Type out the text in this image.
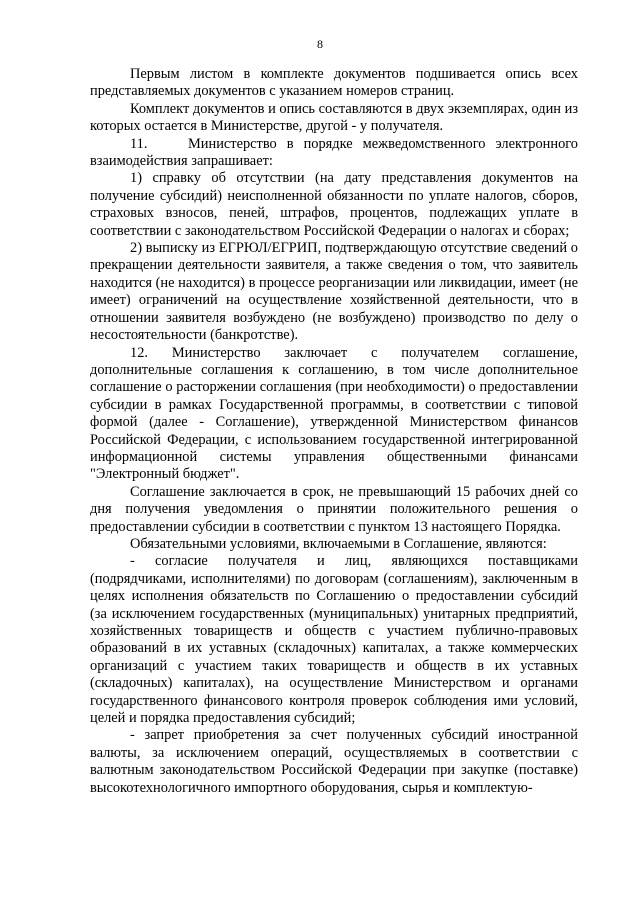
8

Первым листом в комплекте документов подшивается опись всех представляемых документов с указанием номеров страниц.

Комплект документов и опись составляются в двух экземплярах, один из которых остается в Министерстве, другой - у получателя.

11.	Министерство в порядке межведомственного электронного взаимодействия запрашивает:

1) справку об отсутствии (на дату представления документов на получение субсидий) неисполненной обязанности по уплате налогов, сборов, страховых взносов, пеней, штрафов, процентов, подлежащих уплате в соответствии с законодательством Российской Федерации о налогах и сборах;

2) выписку из ЕГРЮЛ/ЕГРИП, подтверждающую отсутствие сведений о прекращении деятельности заявителя, а также сведения о том, что заявитель находится (не находится) в процессе реорганизации или ликвидации, имеет (не имеет) ограничений на осуществление хозяйственной деятельности, что в отношении заявителя возбуждено (не возбуждено) производство по делу о несостоятельности (банкротстве).

12. Министерство заключает с получателем соглашение, дополнительные соглашения к соглашению, в том числе дополнительное соглашение о расторжении соглашения (при необходимости) о предоставлении субсидии в рамках Государственной программы, в соответствии с типовой формой (далее - Соглашение), утвержденной Министерством финансов Российской Федерации, с использованием государственной интегрированной информационной системы управления общественными финансами "Электронный бюджет".

Соглашение заключается в срок, не превышающий 15 рабочих дней со дня получения уведомления о принятии положительного решения о предоставлении субсидии в соответствии с пунктом 13 настоящего Порядка.

Обязательными условиями, включаемыми в Соглашение, являются:

- согласие получателя и лиц, являющихся поставщиками (подрядчиками, исполнителями) по договорам (соглашениям), заключенным в целях исполнения обязательств по Соглашению о предоставлении субсидий (за исключением государственных (муниципальных) унитарных предприятий, хозяйственных товариществ и обществ с участием публично-правовых образований в их уставных (складочных) капиталах, а также коммерческих организаций с участием таких товариществ и обществ в их уставных (складочных) капиталах), на осуществление Министерством и органами государственного финансового контроля проверок соблюдения ими условий, целей и порядка предоставления субсидий;

- запрет приобретения за счет полученных субсидий иностранной валюты, за исключением операций, осуществляемых в соответствии с валютным законодательством Российской Федерации при закупке (поставке) высокотехнологичного импортного оборудования, сырья и комплектую-
